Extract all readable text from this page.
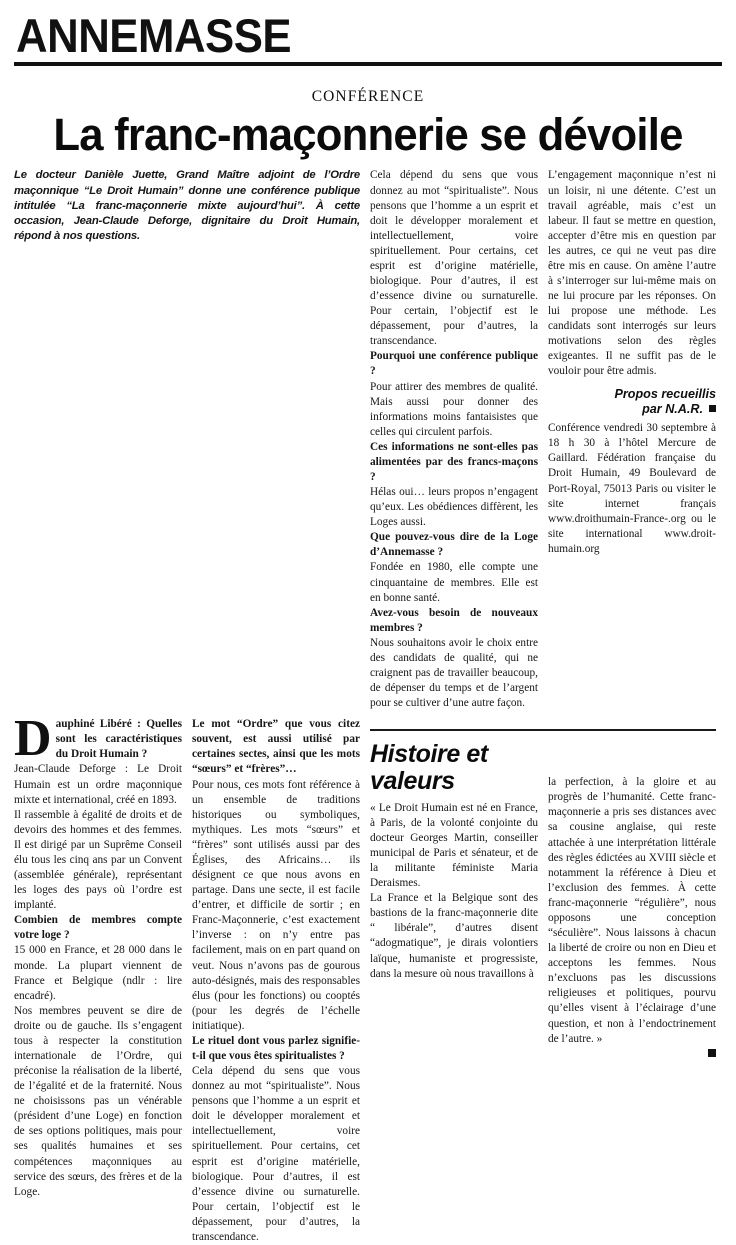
ANNEMASSE
CONFÉRENCE
La franc-maçonnerie se dévoile

Le docteur Danièle Juette, Grand Maître adjoint de l’Ordre maçonnique “Le Droit Humain” donne une conférence publique intitulée “La franc-maçonnerie mixte aujourd’hui”. À cette occasion, Jean-Claude Deforge, dignitaire du Droit Humain, répond à nos questions.

Cela dépend du sens que vous donnez au mot “spiritualiste”. Nous pensons que l’homme a un esprit et doit le développer moralement et intellectuellement, voire spirituellement. Pour certains, cet esprit est d’origine matérielle, biologique. Pour d’autres, il est d’essence divine ou surnaturelle. Pour certain, l’objectif est le dépassement, pour d’autres, la transcendance.

Pourquoi une conférence publique ?

Pour attirer des membres de qualité. Mais aussi pour donner des informations moins fantaisistes que celles qui circulent parfois.

Ces informations ne sont-elles pas alimentées par des francs-maçons ?

Hélas oui… leurs propos n’engagent qu’eux. Les obédiences diffèrent, les Loges aussi.

Que pouvez-vous dire de la Loge d’Annemasse ?

Fondée en 1980, elle compte une cinquantaine de membres. Elle est en bonne santé.

Avez-vous besoin de nouveaux membres ?

Nous souhaitons avoir le choix entre des candidats de qualité, qui ne craignent pas de travailler beaucoup, de dépenser du temps et de l’argent pour se cultiver d’une autre façon.

L’engagement maçonnique n’est ni un loisir, ni une détente. C’est un travail agréable, mais c’est un labeur. Il faut se mettre en question, accepter d’être mis en question par les autres, ce qui ne veut pas dire être mis en cause. On amène l’autre à s’interroger sur lui-même mais on ne lui procure par les réponses. On lui propose une méthode. Les candidats sont interrogés sur leurs motivations selon des règles exigeantes. Il ne suffit pas de le vouloir pour être admis.

Propos recueillis
par N.A.R.

Conférence vendredi 30 septembre à 18 h 30 à l’hôtel Mercure de Gaillard. Fédération française du Droit Humain, 49 Boulevard de Port-Royal, 75013 Paris ou visiter le site internet français www.droithumain-France-.org ou le site international www.droit-humain.org

Dauphiné Libéré : Quelles sont les caractéristiques du Droit Humain ?

Jean-Claude Deforge : Le Droit Humain est un ordre maçonnique mixte et international, créé en 1893.

Il rassemble à égalité de droits et de devoirs des hommes et des femmes. Il est dirigé par un Suprême Conseil élu tous les cinq ans par un Convent (assemblée générale), représentant les loges des pays où l’ordre est implanté.

Combien de membres compte votre loge ?

15 000 en France, et 28 000 dans le monde. La plupart viennent de France et Belgique (ndlr : lire encadré).

Nos membres peuvent se dire de droite ou de gauche. Ils s’engagent tous à respecter la constitution internationale de l’Ordre, qui préconise la réalisation de la liberté, de l’égalité et de la fraternité. Nous ne choisissons pas un vénérable (président d’une Loge) en fonction de ses options politiques, mais pour ses qualités humaines et ses compétences maçonniques au service des sœurs, des frères et de la Loge.

Le mot “Ordre” que vous citez souvent, est aussi utilisé par certaines sectes, ainsi que les mots “sœurs” et “frères”…

Pour nous, ces mots font référence à un ensemble de traditions historiques ou symboliques, mythiques. Les mots “sœurs” et “frères” sont utilisés aussi par des Églises, des Africains… ils désignent ce que nous avons en partage. Dans une secte, il est facile d’entrer, et difficile de sortir ; en Franc-Maçonnerie, c’est exactement l’inverse : on n’y entre pas facilement, mais on en part quand on veut. Nous n’avons pas de gourous auto-désignés, mais des responsables élus (pour les fonctions) ou cooptés (pour les degrés de l’échelle initiatique).

Le rituel dont vous parlez signifie-t-il que vous êtes spiritualistes ?

Cela dépend du sens que vous donnez au mot “spiritualiste”. Nous pensons que l’homme a un esprit et doit le développer moralement et intellectuellement, voire spirituellement. Pour certains, cet esprit est d’origine matérielle, biologique. Pour d’autres, il est d’essence divine ou surnaturelle. Pour certain, l’objectif est le dépassement, pour d’autres, la transcendance.

Histoire et valeurs

« Le Droit Humain est né en France, à Paris, de la volonté conjointe du docteur Georges Martin, conseiller municipal de Paris et sénateur, et de la militante féministe Maria Deraismes.

La France et la Belgique sont des bastions de la franc-maçonnerie dite “ libérale”, d’autres disent “adogmatique”, je dirais volontiers laïque, humaniste et progressiste, dans la mesure où nous travaillons à

la perfection, à la gloire et au progrès de l’humanité. Cette franc-maçonnerie a pris ses distances avec sa cousine anglaise, qui reste attachée à une interprétation littérale des règles édictées au XVIII siècle et notamment la référence à Dieu et l’exclusion des femmes. À cette franc-maçonnerie “régulière”, nous opposons une conception “séculière”. Nous laissons à chacun la liberté de croire ou non en Dieu et acceptons les femmes. Nous n’excluons pas les discussions religieuses et politiques, pourvu qu’elles visent à l’éclairage d’une question, et non à l’endoctrinement de l’autre. »
